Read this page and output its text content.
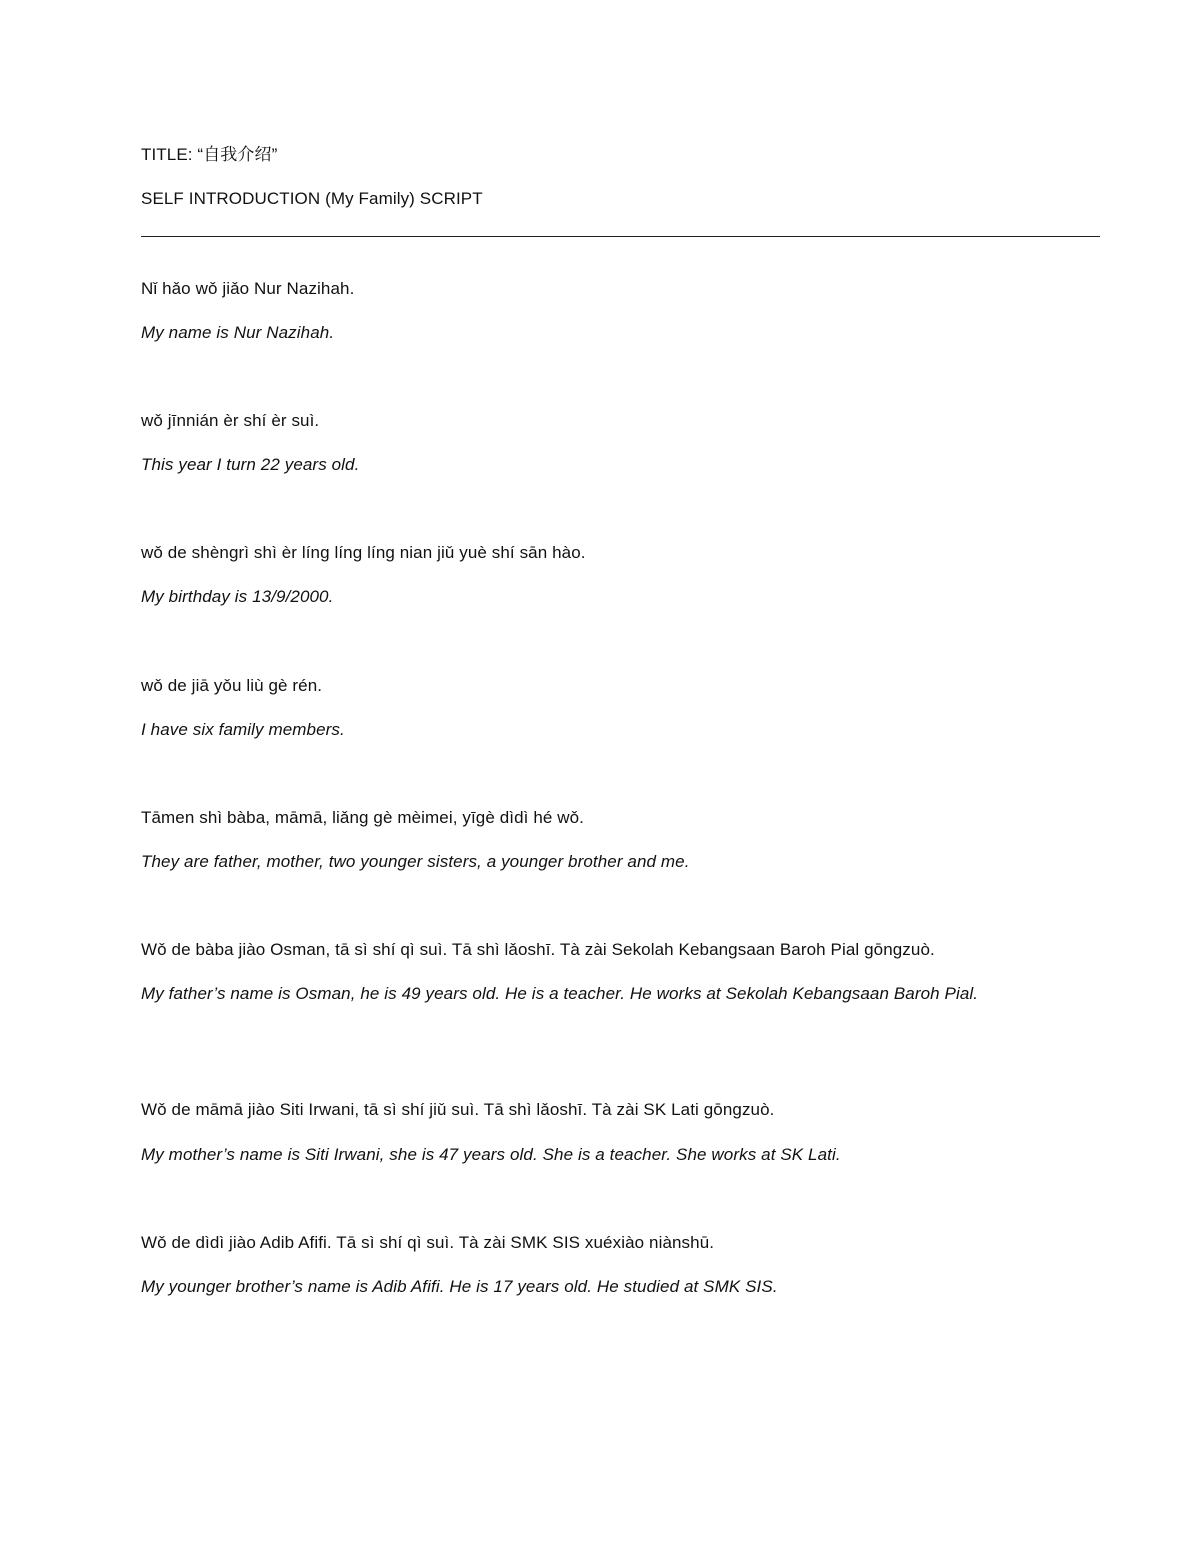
TITLE: “自我介绍”
SELF INTRODUCTION (My Family) SCRIPT
Nǐ hǎo wǒ jiǎo Nur Nazihah.
My name is Nur Nazihah.
wǒ jīnnián èr shí èr suì.
This year I turn 22 years old.
wǒ de shèngrì shì èr líng líng líng nian jiǔ yuè shí sān hào.
My birthday is 13/9/2000.
wǒ de jiā yǒu liù gè rén.
I have six family members.
Tāmen shì bàba, māmā, liǎng gè mèimei, yīgè dìdì hé wǒ.
They are father, mother, two younger sisters, a younger brother and me.
Wǒ de bàba jiào Osman, tā sì shí qì suì. Tā shì lǎoshī. Tà zài Sekolah Kebangsaan Baroh Pial gōngzuò.
My father’s name is Osman, he is 49 years old. He is a teacher. He works at Sekolah Kebangsaan Baroh Pial.
Wǒ de māmā jiào Siti Irwani, tā sì shí jiǔ suì. Tā shì lǎoshī. Tà zài SK Lati gōngzuò.
My mother’s name is Siti Irwani, she is 47 years old. She is a teacher. She works at SK Lati.
Wǒ de dìdì jiào Adib Afifi. Tā sì shí qì suì. Tà zài SMK SIS xuéxiào niànshū.
My younger brother’s name is Adib Afifi. He is 17 years old. He studied at SMK SIS.
